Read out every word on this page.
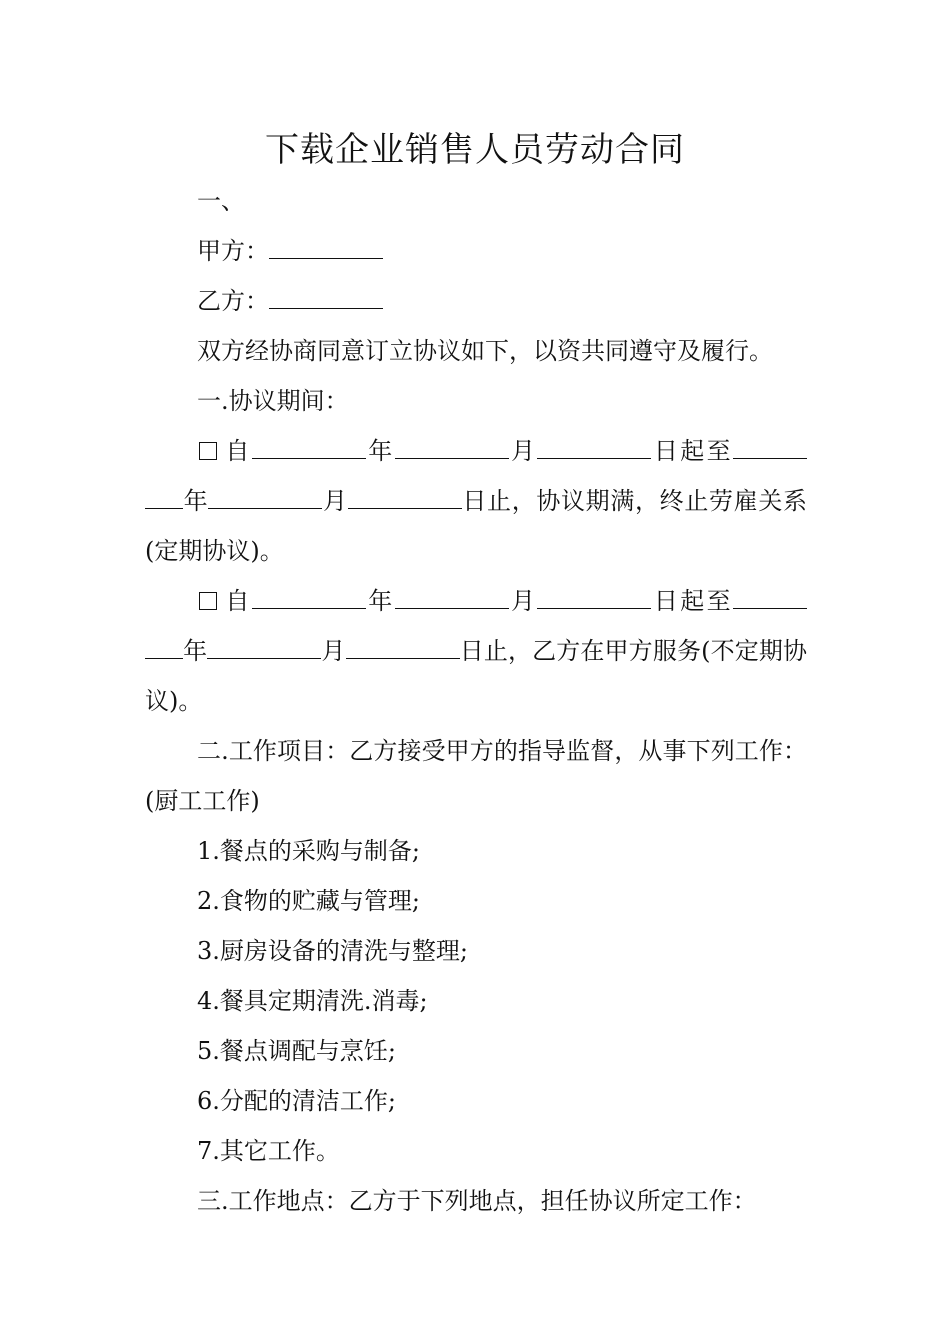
下载企业销售人员劳动合同

一、

甲方：

乙方：

双方经协商同意订立协议如下，以资共同遵守及履行。

一.协议期间：

自	年	月	日起至年	月	日止，协议期满，终止劳雇关系(定期协议)。

自	年	月	日起至年	月	日止，乙方在甲方服务(不定期协议)。

二.工作项目：乙方接受甲方的指导监督，从事下列工作：(厨工工作)

1.餐点的采购与制备;

2.食物的贮藏与管理;

3.厨房设备的清洗与整理;

4.餐具定期清洗.消毒;

5.餐点调配与烹饪;

6.分配的清洁工作;

7.其它工作。

三.工作地点：乙方于下列地点，担任协议所定工作：
